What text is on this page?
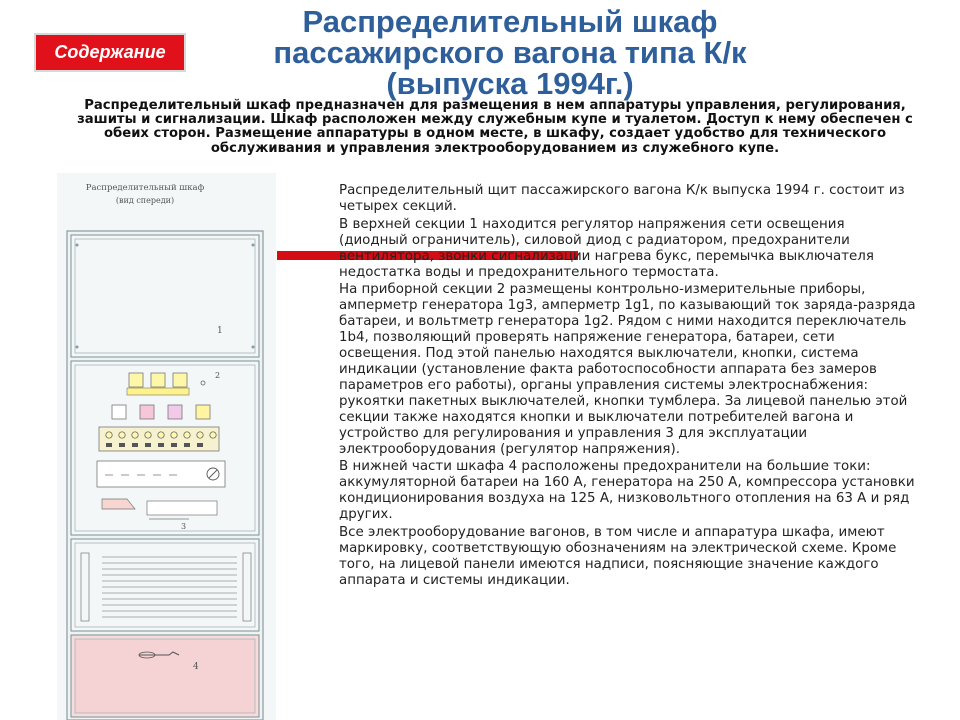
Распределительный шкаф
пассажирского вагона типа К/к
(выпуска 1994г.)
Содержание
Распределительный шкаф предназначен для размещения в нем аппаратуры управления, регулирования, зашиты и сигнализации. Шкаф расположен между служебным купе и туалетом. Доступ к нему обеспечен с обеих сторон. Размещение аппаратуры в одном месте, в шкафу, создает удобство для технического обслуживания и управления электрооборудованием из служебного купе.
Распределительный шкаф
(вид спереди)
1
2
3
4

Распределительный щит пассажирского вагона К/к выпуска 1994 г. состоит из четырех секций.

В верхней секции 1 находится регулятор напряжения сети освещения (диодный ограничитель), силовой диод с радиатором, предохранители вентилятора, звонки сигнализации нагрева букс, перемычка выключателя недостатка воды и предохранительного термостата.

На приборной секции 2 размещены контрольно-измерительные приборы, амперметр генератора 1g3, амперметр 1g1, по казывающий ток заряда-разряда батареи, и вольтметр генератора 1g2. Рядом с ними находится переключатель 1b4, позволяющий проверять напряжение генератора, батареи, сети освещения. Под этой панелью находятся выключатели, кнопки, система индикации (установление факта работоспособности аппарата без замеров параметров его работы), органы управления системы электроснабжения: рукоятки пакетных выключателей, кнопки тумблера. За лицевой панелью этой секции также находятся кнопки и выключатели потребителей вагона и устройство для регулирования и управления 3 для эксплуатации электрооборудования (регулятор напряжения).

В нижней части шкафа 4 расположены предохранители на большие токи: аккумуляторной батареи на 160 А, генератора на 250 А, компрессора установки кондиционирования воздуха на 125 А, низковольтного отопления на 63 А и ряд других.

Все электрооборудование вагонов, в том числе и аппаратура шкафа, имеют маркировку, соответствующую обозначениям на электрической схеме. Кроме того, на лицевой панели имеются надписи, поясняющие значение каждого аппарата и системы индикации.
